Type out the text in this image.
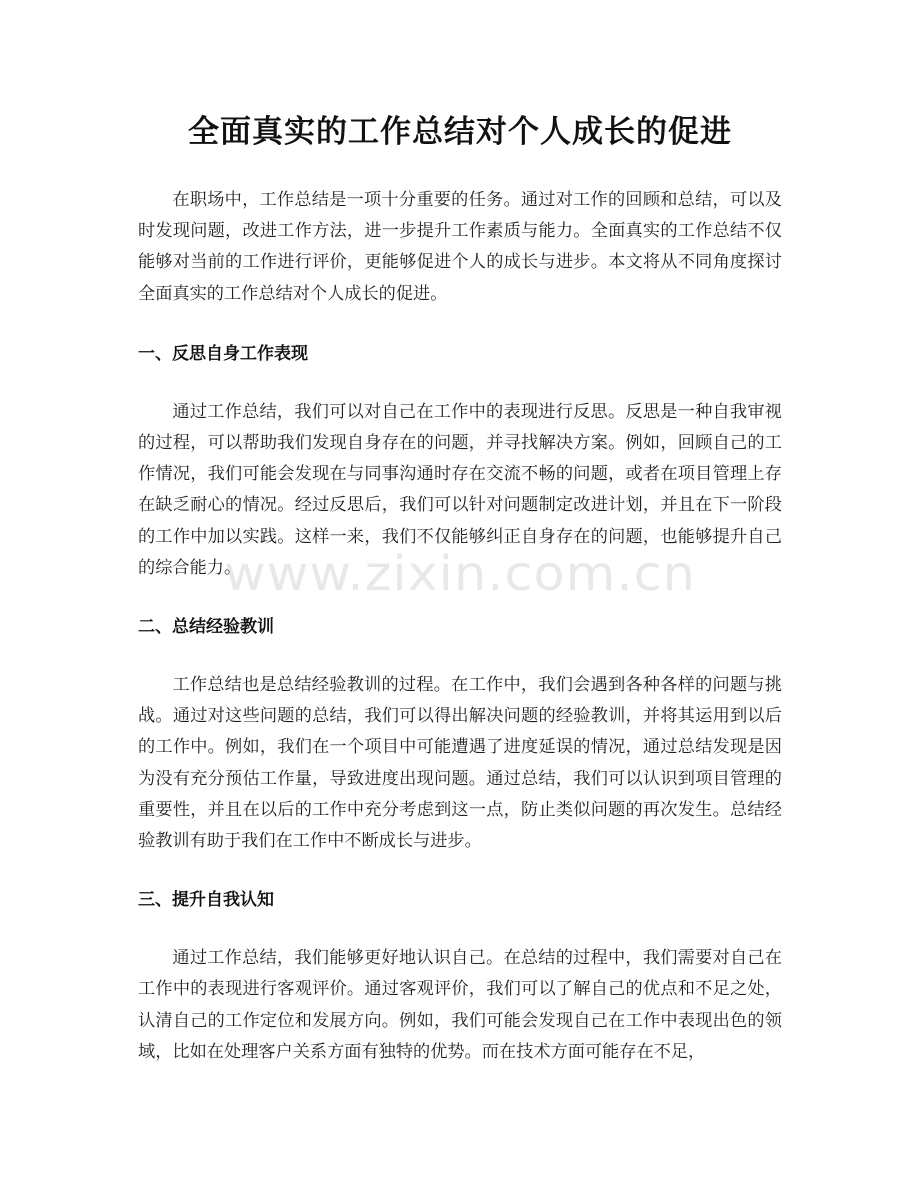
全面真实的工作总结对个人成长的促进

在职场中，工作总结是一项十分重要的任务。通过对工作的回顾和总结，可以及时发现问题，改进工作方法，进一步提升工作素质与能力。全面真实的工作总结不仅能够对当前的工作进行评价，更能够促进个人的成长与进步。本文将从不同角度探讨全面真实的工作总结对个人成长的促进。

一、反思自身工作表现

通过工作总结，我们可以对自己在工作中的表现进行反思。反思是一种自我审视的过程，可以帮助我们发现自身存在的问题，并寻找解决方案。例如，回顾自己的工作情况，我们可能会发现在与同事沟通时存在交流不畅的问题，或者在项目管理上存在缺乏耐心的情况。经过反思后，我们可以针对问题制定改进计划，并且在下一阶段的工作中加以实践。这样一来，我们不仅能够纠正自身存在的问题，也能够提升自己的综合能力。

二、总结经验教训

工作总结也是总结经验教训的过程。在工作中，我们会遇到各种各样的问题与挑战。通过对这些问题的总结，我们可以得出解决问题的经验教训，并将其运用到以后的工作中。例如，我们在一个项目中可能遭遇了进度延误的情况，通过总结发现是因为没有充分预估工作量，导致进度出现问题。通过总结，我们可以认识到项目管理的重要性，并且在以后的工作中充分考虑到这一点，防止类似问题的再次发生。总结经验教训有助于我们在工作中不断成长与进步。

三、提升自我认知

通过工作总结，我们能够更好地认识自己。在总结的过程中，我们需要对自己在工作中的表现进行客观评价。通过客观评价，我们可以了解自己的优点和不足之处，认清自己的工作定位和发展方向。例如，我们可能会发现自己在工作中表现出色的领域，比如在处理客户关系方面有独特的优势。而在技术方面可能存在不足，

www.zixin.com.cn
